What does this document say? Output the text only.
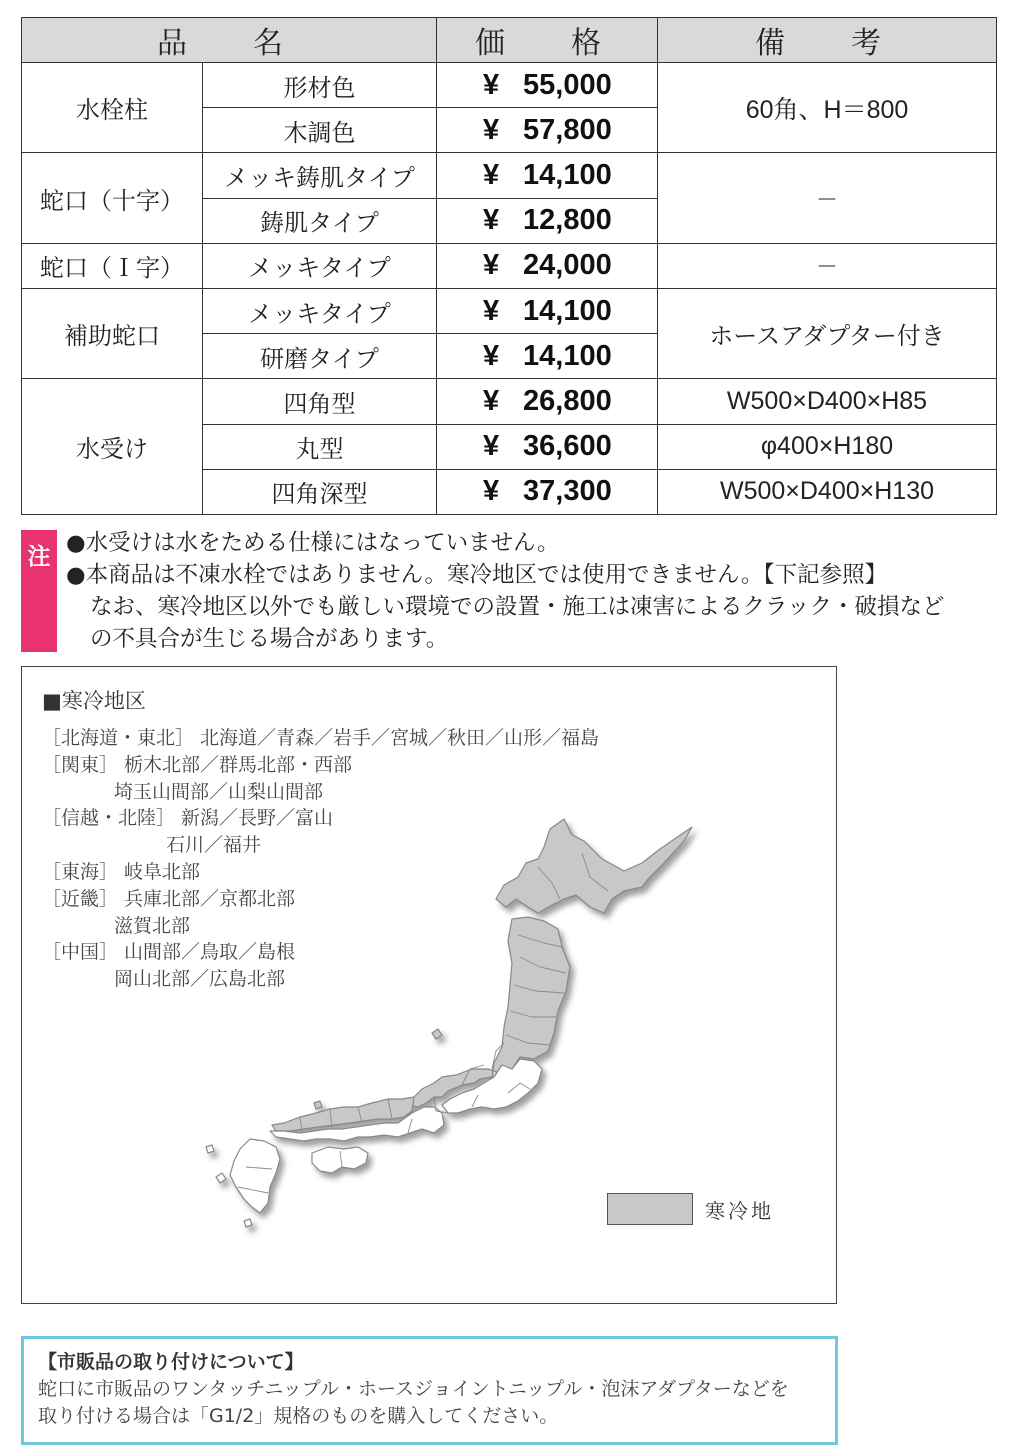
品　名		価　格	備　考
水栓柱	形材色	¥ 55,000	60角、H＝800
	木調色	¥ 57,800	
蛇口（十字）	メッキ鋳肌タイプ	¥ 14,100	－
	鋳肌タイプ	¥ 12,800	
蛇口（Ｉ字）	メッキタイプ	¥ 24,000	－
補助蛇口	メッキタイプ	¥ 14,100	ホースアダプター付き
	研磨タイプ	¥ 14,100	
水受け	四角型	¥ 26,800	W500×D400×H85
	丸型	¥ 36,600	φ400×H180
	四角深型	¥ 37,300	W500×D400×H130
注
●水受けは水をためる仕様にはなっていません。
●本商品は不凍水栓ではありません。寒冷地区では使用できません。【下記参照】
なお、寒冷地区以外でも厳しい環境での設置・施工は凍害によるクラック・破損など
の不具合が生じる場合があります。
■寒冷地区
［北海道・東北］ 北海道／青森／岩手／宮城／秋田／山形／福島
［関東］ 栃木北部／群馬北部・西部
埼玉山間部／山梨山間部
［信越・北陸］ 新潟／長野／富山
石川／福井
［東海］ 岐阜北部
［近畿］ 兵庫北部／京都北部
滋賀北部
［中国］ 山間部／鳥取／島根
岡山北部／広島北部
寒冷地
【市販品の取り付けについて】
蛇口に市販品のワンタッチニップル・ホースジョイントニップル・泡沫アダプターなどを
取り付ける場合は「G1/2」規格のものを購入してください。
